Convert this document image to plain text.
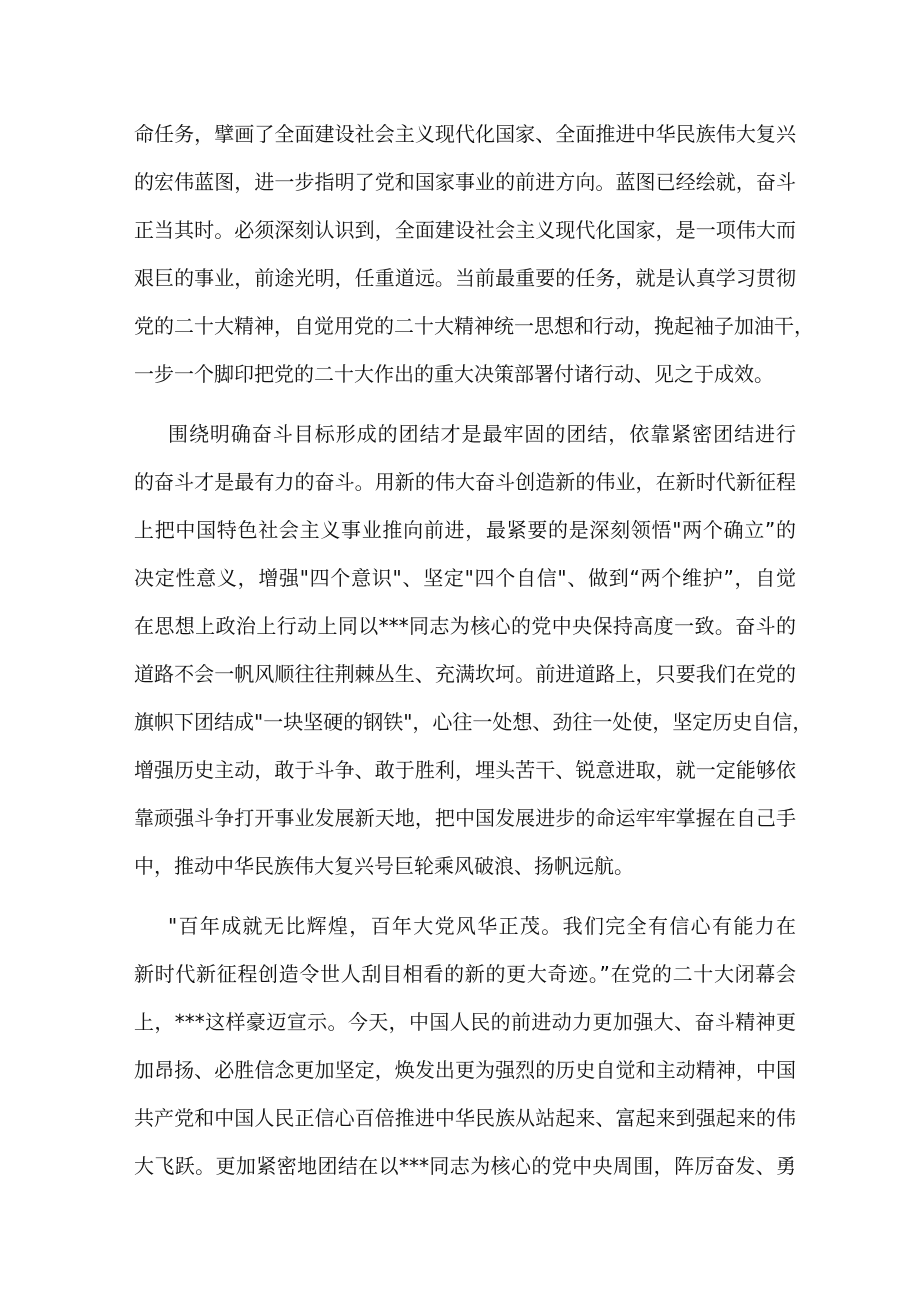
命任务，擘画了全面建设社会主义现代化国家、全面推进中华民族伟大复兴
的宏伟蓝图，进一步指明了党和国家事业的前进方向。蓝图已经绘就，奋斗
正当其时。必须深刻认识到，全面建设社会主义现代化国家，是一项伟大而
艰巨的事业，前途光明，任重道远。当前最重要的任务，就是认真学习贯彻
党的二十大精神，自觉用党的二十大精神统一思想和行动，挽起袖子加油干，
一步一个脚印把党的二十大作出的重大决策部署付诸行动、见之于成效。
围绕明确奋斗目标形成的团结才是最牢固的团结，依靠紧密团结进行
的奋斗才是最有力的奋斗。用新的伟大奋斗创造新的伟业，在新时代新征程
上把中国特色社会主义事业推向前进，最紧要的是深刻领悟"两个确立”的
决定性意义，增强"四个意识"、坚定"四个自信"、做到“两个维护”，自觉
在思想上政治上行动上同以***同志为核心的党中央保持高度一致。奋斗的
道路不会一帆风顺往往荆棘丛生、充满坎坷。前进道路上，只要我们在党的
旗帜下团结成"一块坚硬的钢铁"，心往一处想、劲往一处使，坚定历史自信，
增强历史主动，敢于斗争、敢于胜利，埋头苦干、锐意进取，就一定能够依
靠顽强斗争打开事业发展新天地，把中国发展进步的命运牢牢掌握在自己手
中，推动中华民族伟大复兴号巨轮乘风破浪、扬帆远航。
"百年成就无比辉煌，百年大党风华正茂。我们完全有信心有能力在
新时代新征程创造令世人刮目相看的新的更大奇迹。”在党的二十大闭幕会
上，***这样豪迈宣示。今天，中国人民的前进动力更加强大、奋斗精神更
加昂扬、必胜信念更加坚定，焕发出更为强烈的历史自觉和主动精神，中国
共产党和中国人民正信心百倍推进中华民族从站起来、富起来到强起来的伟
大飞跃。更加紧密地团结在以***同志为核心的党中央周围，阵厉奋发、勇
